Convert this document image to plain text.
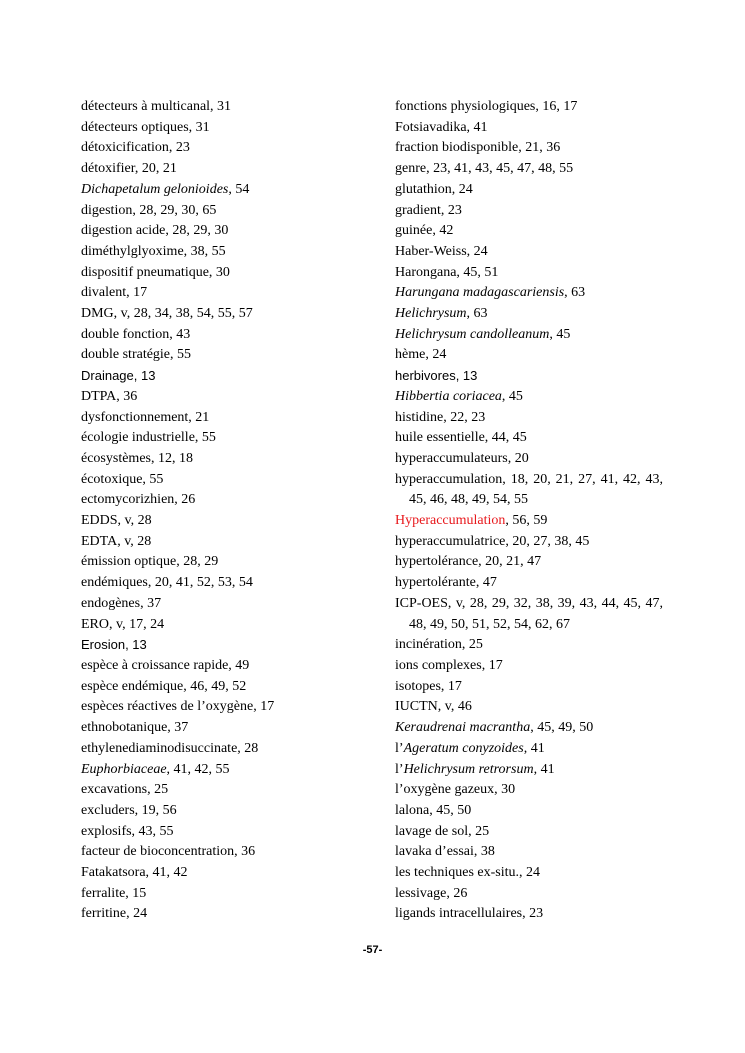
détecteurs à multicanal, 31
détecteurs optiques, 31
détoxicification, 23
détoxifier, 20, 21
Dichapetalum gelonioides, 54
digestion, 28, 29, 30, 65
digestion acide, 28, 29, 30
diméthylglyoxime, 38, 55
dispositif pneumatique, 30
divalent, 17
DMG, v, 28, 34, 38, 54, 55, 57
double fonction, 43
double stratégie, 55
Drainage, 13
DTPA, 36
dysfonctionnement, 21
écologie industrielle, 55
écosystèmes, 12, 18
écotoxique, 55
ectomycorizhien, 26
EDDS, v, 28
EDTA, v, 28
émission optique, 28, 29
endémiques, 20, 41, 52, 53, 54
endogènes, 37
ERO, v, 17, 24
Erosion, 13
espèce à croissance rapide, 49
espèce endémique, 46, 49, 52
espèces réactives de l’oxygène, 17
ethnobotanique, 37
ethylenediaminodisuccinate, 28
Euphorbiaceae, 41, 42, 55
excavations, 25
excluders, 19, 56
explosifs, 43, 55
facteur de bioconcentration, 36
Fatakatsora, 41, 42
ferralite, 15
ferritine, 24
fonctions physiologiques, 16, 17
Fotsiavadika, 41
fraction biodisponible, 21, 36
genre, 23, 41, 43, 45, 47, 48, 55
glutathion, 24
gradient, 23
guinée, 42
Haber-Weiss, 24
Harongana, 45, 51
Harungana madagascariensis, 63
Helichrysum, 63
Helichrysum candolleanum, 45
hème, 24
herbivores, 13
Hibbertia coriacea, 45
histidine, 22, 23
huile essentielle, 44, 45
hyperaccumulateurs, 20
hyperaccumulation, 18, 20, 21, 27, 41, 42, 43, 45, 46, 48, 49, 54, 55
Hyperaccumulation, 56, 59
hyperaccumulatrice, 20, 27, 38, 45
hypertolérance, 20, 21, 47
hypertolérante, 47
ICP-OES, v, 28, 29, 32, 38, 39, 43, 44, 45, 47, 48, 49, 50, 51, 52, 54, 62, 67
incinération, 25
ions complexes, 17
isotopes, 17
IUCTN, v, 46
Keraudrenai macrantha, 45, 49, 50
l’Ageratum conyzoides, 41
l’Helichrysum retrorsum, 41
l’oxygène gazeux, 30
lalona, 45, 50
lavage de sol, 25
lavaka d’essai, 38
les techniques ex-situ., 24
lessivage, 26
ligands intracellulaires, 23
-57-
